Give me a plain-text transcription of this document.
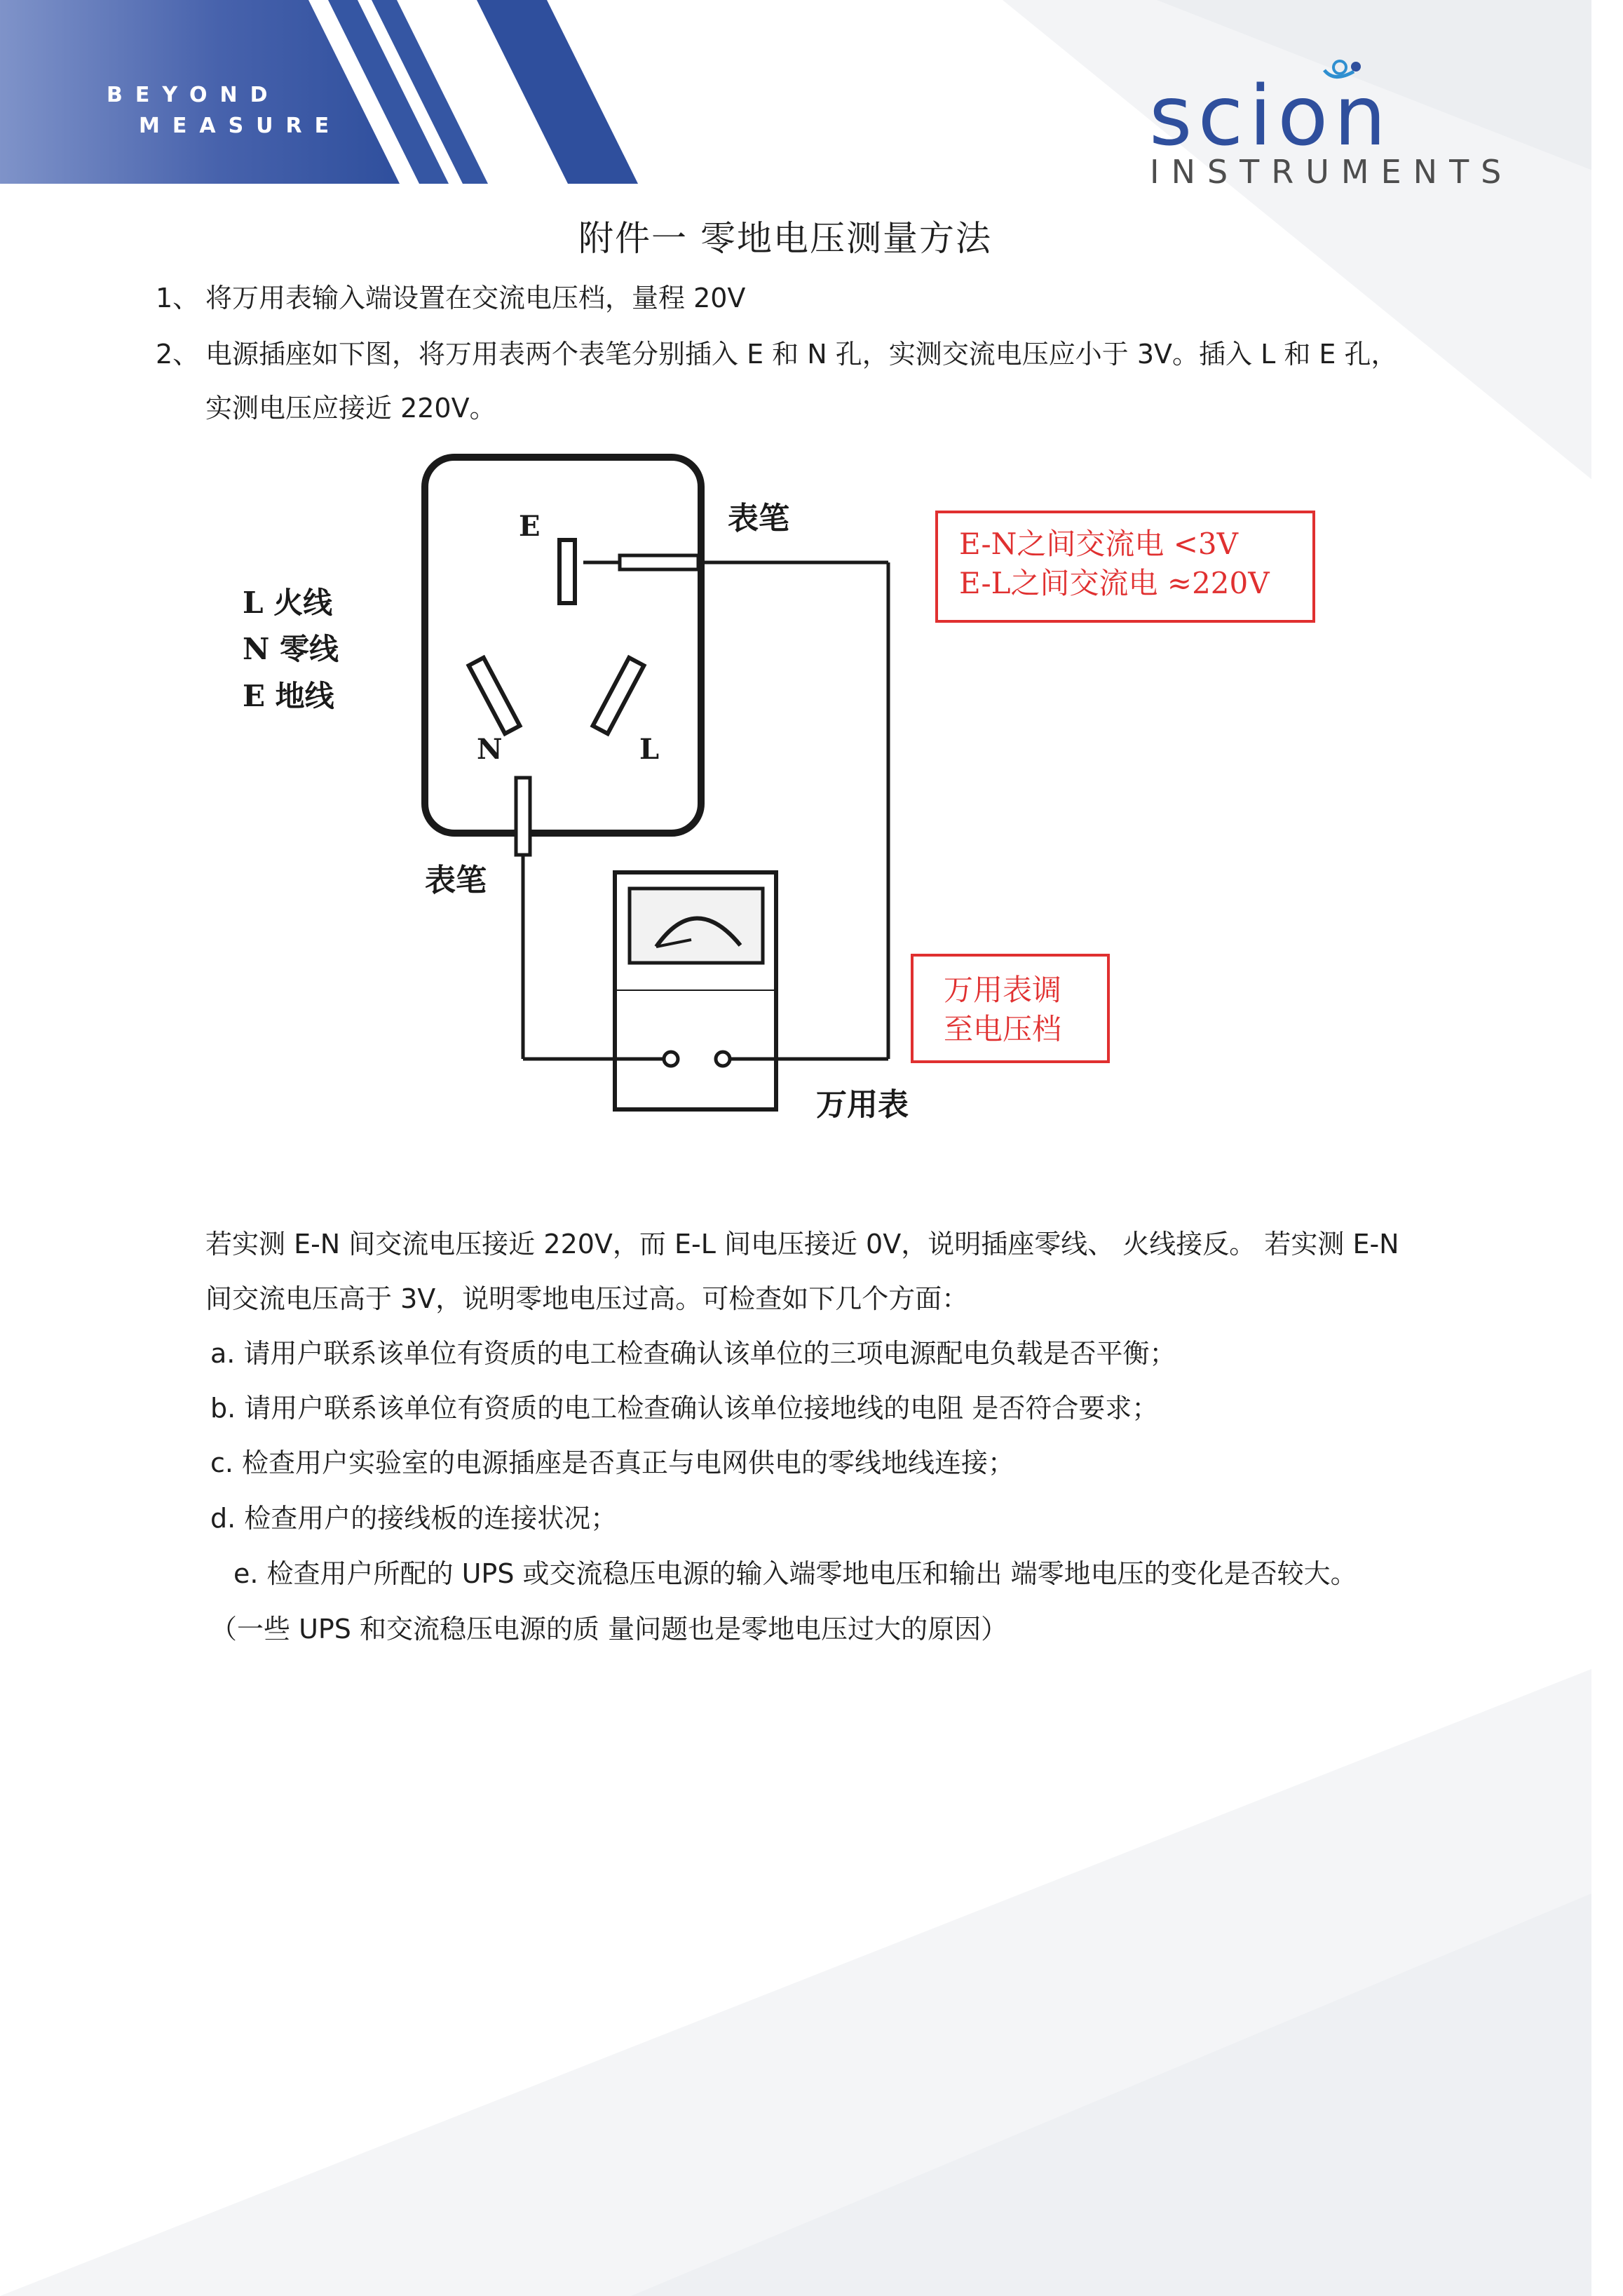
BEYOND
MEASURE	scion
INSTRUMENTS
附件一 零地电压测量方法
1、 将万用表输入端设置在交流电压档，量程 20V
2、 电源插座如下图，将万用表两个表笔分别插入 E 和 N 孔，实测交流电压应小于 3V。插入 L 和 E 孔，
实测电压应接近 220V。
L 火线
N 零线
E 地线
E
N	L
表笔
表笔
万用表
E-N之间交流电 <3V
E-L之间交流电 ≈220V
万用表调
至电压档
若实测 E-N 间交流电压接近 220V，而 E-L 间电压接近 0V，说明插座零线、 火线接反。 若实测 E-N
间交流电压高于 3V，说明零地电压过高。可检查如下几个方面：
a. 请用户联系该单位有资质的电工检查确认该单位的三项电源配电负载是否平衡；
b. 请用户联系该单位有资质的电工检查确认该单位接地线的电阻 是否符合要求；
c. 检查用户实验室的电源插座是否真正与电网供电的零线地线连接；
d. 检查用户的接线板的连接状况；
e. 检查用户所配的 UPS 或交流稳压电源的输入端零地电压和输出 端零地电压的变化是否较大。
（一些 UPS 和交流稳压电源的质 量问题也是零地电压过大的原因）
